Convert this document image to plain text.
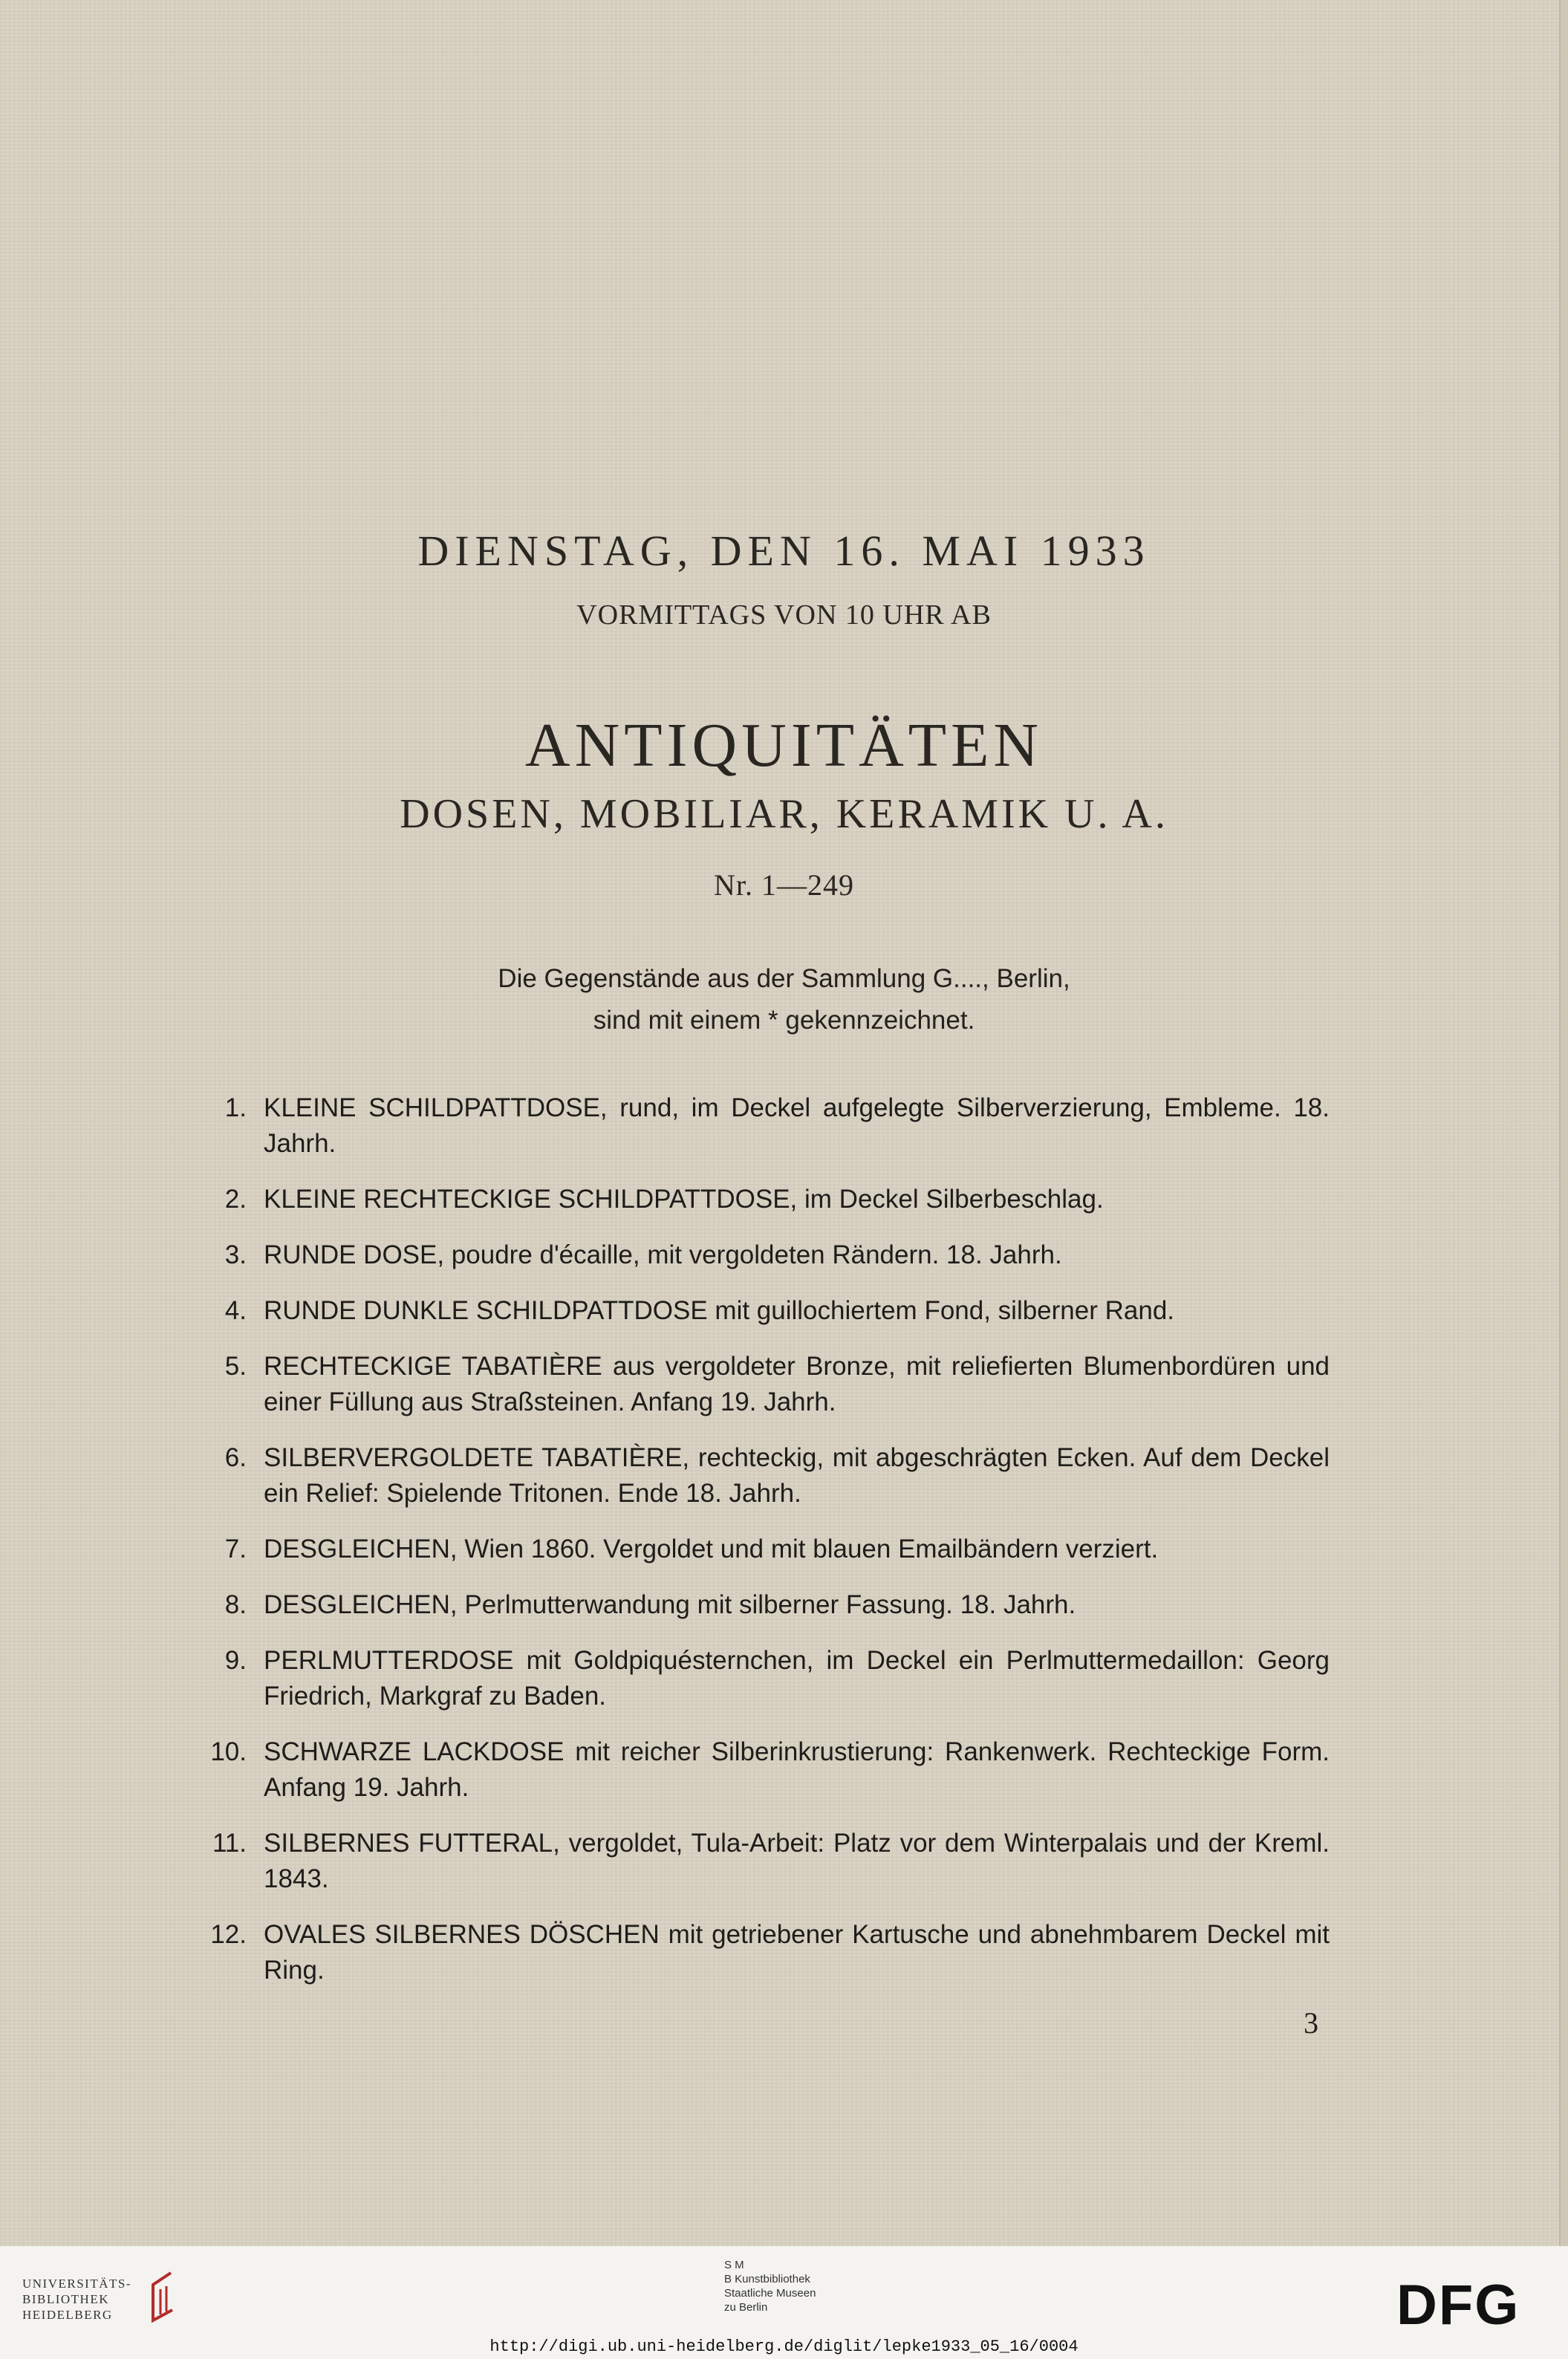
DIENSTAG, DEN 16. MAI 1933
VORMITTAGS VON 10 UHR AB
ANTIQUITÄTEN
DOSEN, MOBILIAR, KERAMIK U. A.
Nr. 1—249
Die Gegenstände aus der Sammlung G...., Berlin,
sind mit einem * gekennzeichnet.
1. KLEINE SCHILDPATTDOSE, rund, im Deckel aufgelegte Silberverzierung, Embleme. 18. Jahrh.
2. KLEINE RECHTECKIGE SCHILDPATTDOSE, im Deckel Silberbeschlag.
3. RUNDE DOSE, poudre d'écaille, mit vergoldeten Rändern. 18. Jahrh.
4. RUNDE DUNKLE SCHILDPATTDOSE mit guillochiertem Fond, silberner Rand.
5. RECHTECKIGE TABATIÈRE aus vergoldeter Bronze, mit reliefierten Blumenbordüren und einer Füllung aus Straßsteinen. Anfang 19. Jahrh.
6. SILBERVERGOLDETE TABATIÈRE, rechteckig, mit abgeschrägten Ecken. Auf dem Deckel ein Relief: Spielende Tritonen. Ende 18. Jahrh.
7. DESGLEICHEN, Wien 1860. Vergoldet und mit blauen Emailbändern verziert.
8. DESGLEICHEN, Perlmutterwandung mit silberner Fassung. 18. Jahrh.
9. PERLMUTTERDOSE mit Goldpiquésternchen, im Deckel ein Perlmuttermedaillon: Georg Friedrich, Markgraf zu Baden.
10. SCHWARZE LACKDOSE mit reicher Silberinkrustierung: Rankenwerk. Rechteckige Form. Anfang 19. Jahrh.
11. SILBERNES FUTTERAL, vergoldet, Tula-Arbeit: Platz vor dem Winterpalais und der Kreml. 1843.
12. OVALES SILBERNES DÖSCHEN mit getriebener Kartusche und abnehmbarem Deckel mit Ring.
3
UNIVERSITÄTS-
BIBLIOTHEK
HEIDELBERG
S M
B Kunstbibliothek
Staatliche Museen
zu Berlin	DFG
http://digi.ub.uni-heidelberg.de/diglit/lepke1933_05_16/0004
